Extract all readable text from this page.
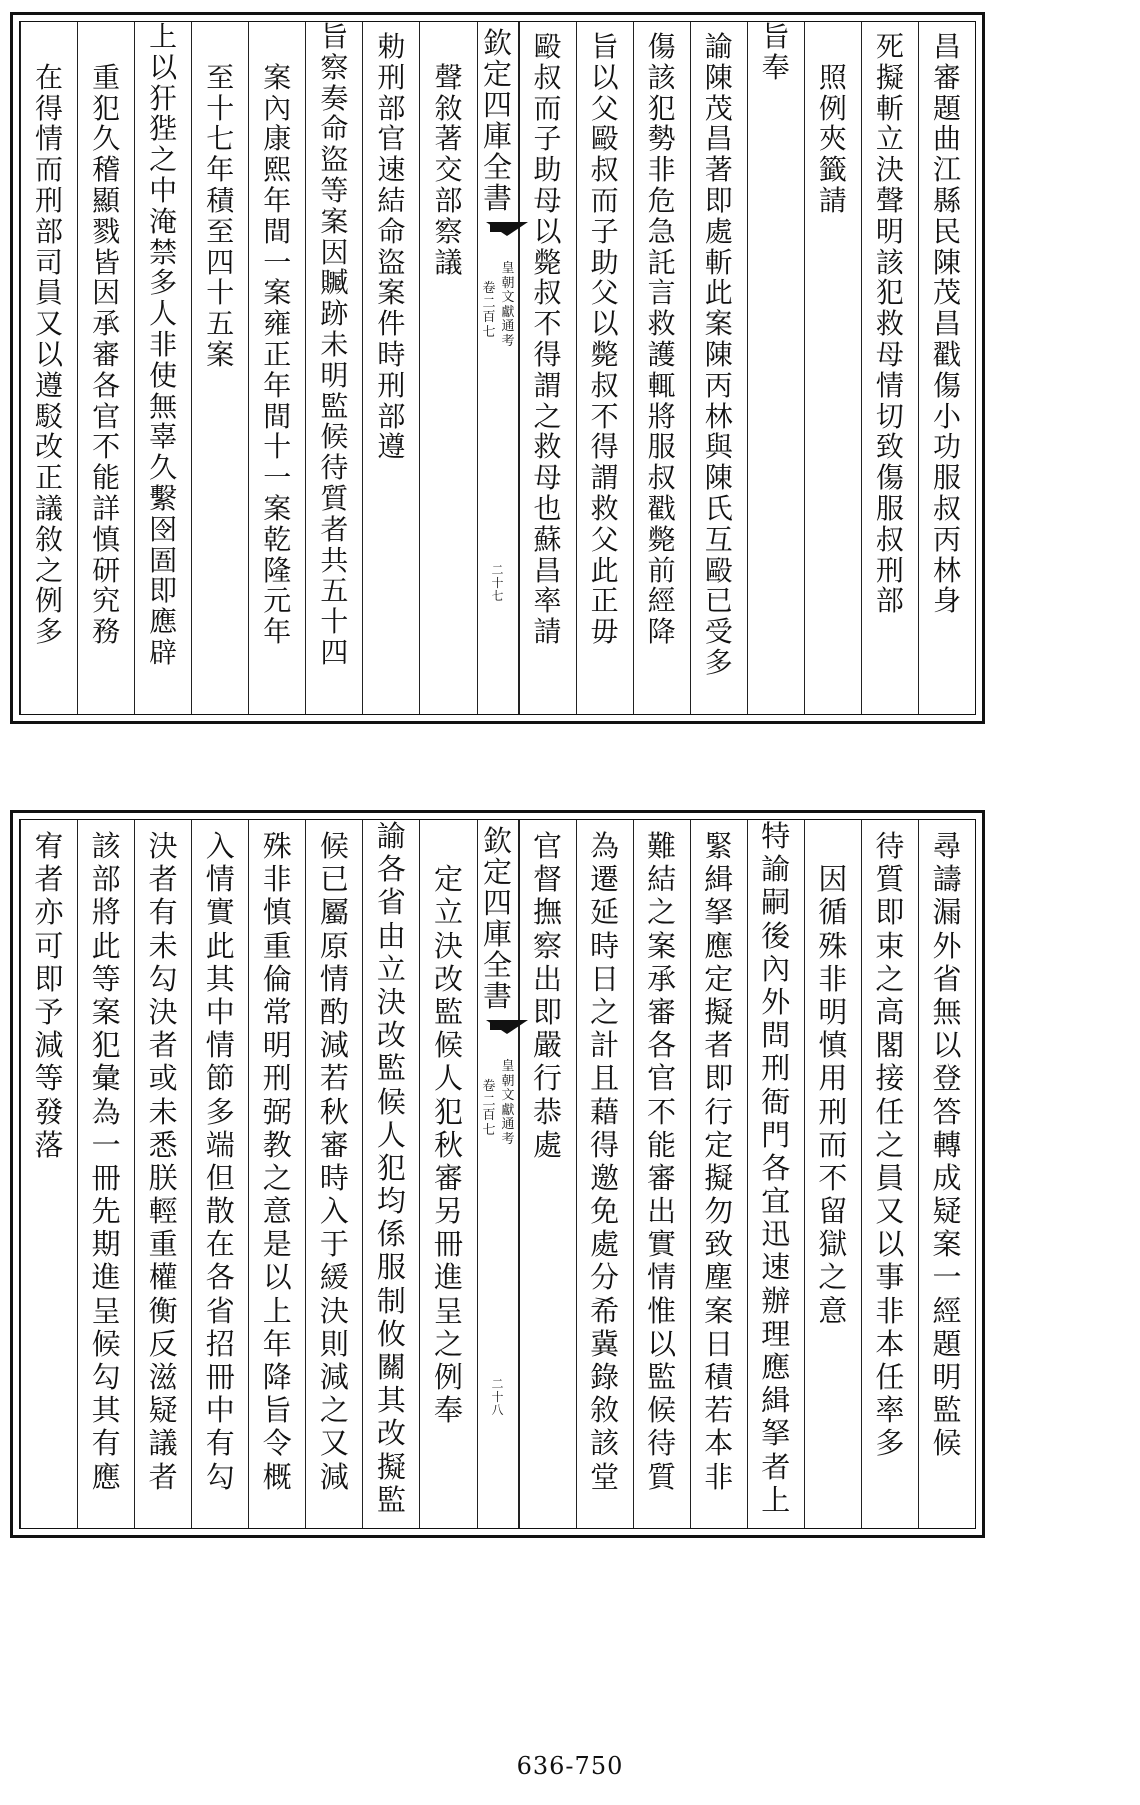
昌
審
題
曲
江
縣
民
陳
茂
昌
戳
傷
小
功
服
叔
丙
林
身
死
擬
斬
立
決
聲
明
該
犯
救
母
情
切
致
傷
服
叔
刑
部
照
例
夾
籤
請
旨
奉
諭
陳
茂
昌
著
即
處
斬
此
案
陳
丙
林
與
陳
氏
互
毆
已
受
多
傷
該
犯
勢
非
危
急
託
言
救
護
輒
將
服
叔
戳
斃
前
經
降
旨
以
父
毆
叔
而
子
助
父
以
斃
叔
不
得
謂
救
父
此
正
毋
毆
叔
而
子
助
母
以
斃
叔
不
得
謂
之
救
母
也
蘇
昌
率
請
聲
敘
著
交
部
察
議
勅
刑
部
官
速
結
命
盜
案
件
時
刑
部
遵
旨
察
奏
命
盜
等
案
因
贓
跡
未
明
監
候
待
質
者
共
五
十
四
案
內
康
熙
年
間
一
案
雍
正
年
間
十
一
案
乾
隆
元
年
至
十
七
年
積
至
四
十
五
案
上
以
犴
狴
之
中
淹
禁
多
人
非
使
無
辜
久
繫
囹
圄
即
應
辟
重
犯
久
稽
顯
戮
皆
因
承
審
各
官
不
能
詳
慎
研
究
務
在
得
情
而
刑
部
司
員
又
以
遵
駁
改
正
議
敘
之
例
多
欽
定
四
庫
全
書
皇
朝
文
獻
通
考
卷
二
百
七
二
十
七
尋
譸
漏
外
省
無
以
登
答
轉
成
疑
案
一
經
題
明
監
候
待
質
即
束
之
高
閣
接
任
之
員
又
以
事
非
本
任
率
多
因
循
殊
非
明
慎
用
刑
而
不
留
獄
之
意
特
諭
嗣
後
內
外
問
刑
衙
門
各
宜
迅
速
辦
理
應
緝
拏
者
上
緊
緝
拏
應
定
擬
者
即
行
定
擬
勿
致
塵
案
日
積
若
本
非
難
結
之
案
承
審
各
官
不
能
審
出
實
情
惟
以
監
候
待
質
為
遷
延
時
日
之
計
且
藉
得
邀
免
處
分
希
冀
錄
敘
該
堂
官
督
撫
察
出
即
嚴
行
恭
處
定
立
決
改
監
候
人
犯
秋
審
另
冊
進
呈
之
例
奉
諭
各
省
由
立
決
改
監
候
人
犯
均
係
服
制
攸
關
其
改
擬
監
候
已
屬
原
情
酌
減
若
秋
審
時
入
于
緩
決
則
減
之
又
減
殊
非
慎
重
倫
常
明
刑
弼
教
之
意
是
以
上
年
降
旨
令
概
入
情
實
此
其
中
情
節
多
端
但
散
在
各
省
招
冊
中
有
勾
決
者
有
未
勾
決
者
或
未
悉
朕
輕
重
權
衡
反
滋
疑
議
者
該
部
將
此
等
案
犯
彙
為
一
冊
先
期
進
呈
候
勾
其
有
應
宥
者
亦
可
即
予
減
等
發
落
欽
定
四
庫
全
書
皇
朝
文
獻
通
考
卷
二
百
七
二
十
八
636-750
